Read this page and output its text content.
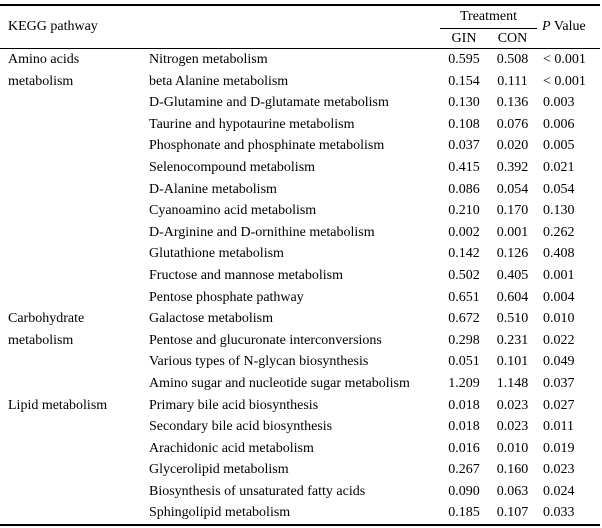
KEGG pathway		Treatment		P Value
		GIN	CON	
Amino acids metabolism	Nitrogen metabolism	0.595	0.508	< 0.001
	beta Alanine metabolism	0.154	0.111	< 0.001
	D-Glutamine and D-glutamate metabolism	0.130	0.136	0.003
	Taurine and hypotaurine metabolism	0.108	0.076	0.006
	Phosphonate and phosphinate metabolism	0.037	0.020	0.005
	Selenocompound metabolism	0.415	0.392	0.021
	D-Alanine metabolism	0.086	0.054	0.054
	Cyanoamino acid metabolism	0.210	0.170	0.130
	D-Arginine and D-ornithine metabolism	0.002	0.001	0.262
	Glutathione metabolism	0.142	0.126	0.408
	Fructose and mannose metabolism	0.502	0.405	0.001
	Pentose phosphate pathway	0.651	0.604	0.004
Carbohydrate metabolism	Galactose metabolism	0.672	0.510	0.010
	Pentose and glucuronate interconversions	0.298	0.231	0.022
	Various types of N-glycan biosynthesis	0.051	0.101	0.049
	Amino sugar and nucleotide sugar metabolism	1.209	1.148	0.037
Lipid metabolism	Primary bile acid biosynthesis	0.018	0.023	0.027
	Secondary bile acid biosynthesis	0.018	0.023	0.011
	Arachidonic acid metabolism	0.016	0.010	0.019
	Glycerolipid metabolism	0.267	0.160	0.023
	Biosynthesis of unsaturated fatty acids	0.090	0.063	0.024
	Sphingolipid metabolism	0.185	0.107	0.033
